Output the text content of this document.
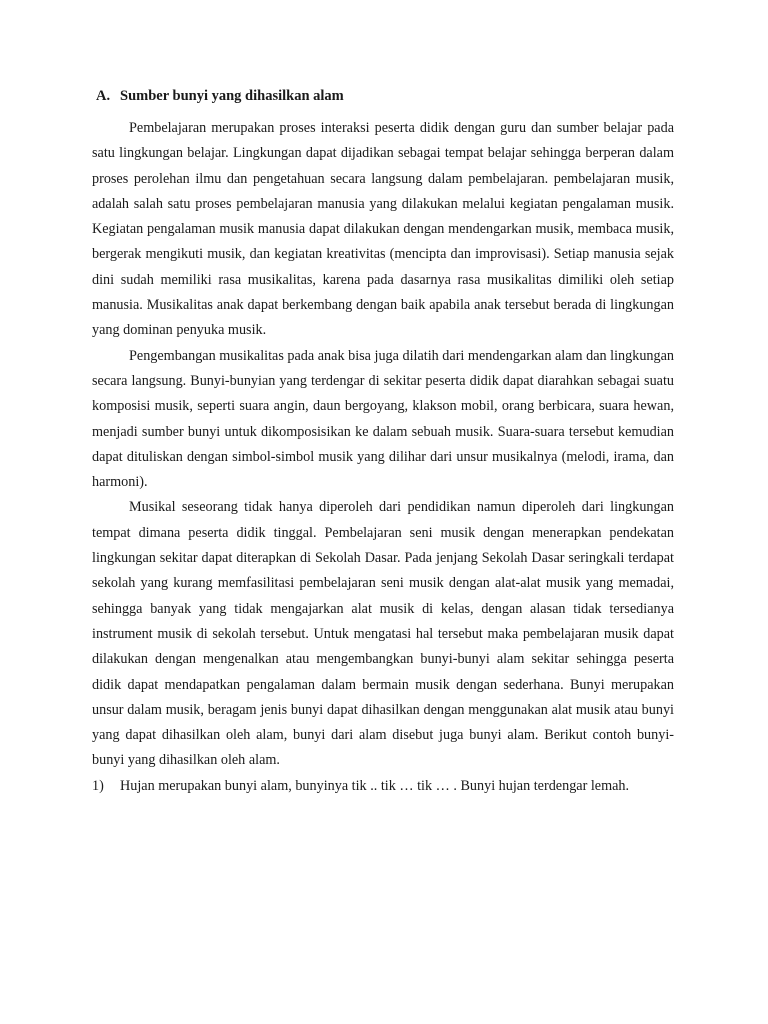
A. Sumber bunyi yang dihasilkan alam

Pembelajaran merupakan proses interaksi peserta didik dengan guru dan sumber belajar pada satu lingkungan belajar. Lingkungan dapat dijadikan sebagai tempat belajar sehingga berperan dalam proses perolehan ilmu dan pengetahuan secara langsung dalam pembelajaran. pembelajaran musik, adalah salah satu proses pembelajaran manusia yang dilakukan melalui kegiatan pengalaman musik. Kegiatan pengalaman musik manusia dapat dilakukan dengan mendengarkan musik, membaca musik, bergerak mengikuti musik, dan kegiatan kreativitas (mencipta dan improvisasi). Setiap manusia sejak dini sudah memiliki rasa musikalitas, karena pada dasarnya rasa musikalitas dimiliki oleh setiap manusia. Musikalitas anak dapat berkembang dengan baik apabila anak tersebut berada di lingkungan yang dominan penyuka musik.

Pengembangan musikalitas pada anak bisa juga dilatih dari mendengarkan alam dan lingkungan secara langsung. Bunyi-bunyian yang terdengar di sekitar peserta didik dapat diarahkan sebagai suatu komposisi musik, seperti suara angin, daun bergoyang, klakson mobil, orang berbicara, suara hewan, menjadi sumber bunyi untuk dikomposisikan ke dalam sebuah musik. Suara-suara tersebut kemudian dapat dituliskan dengan simbol-simbol musik yang dilihar dari unsur musikalnya (melodi, irama, dan harmoni).

Musikal seseorang tidak hanya diperoleh dari pendidikan namun diperoleh dari lingkungan tempat dimana peserta didik tinggal. Pembelajaran seni musik dengan menerapkan pendekatan lingkungan sekitar dapat diterapkan di Sekolah Dasar. Pada jenjang Sekolah Dasar seringkali terdapat sekolah yang kurang memfasilitasi pembelajaran seni musik dengan alat-alat musik yang memadai, sehingga banyak yang tidak mengajarkan alat musik di kelas, dengan alasan tidak tersedianya instrument musik di sekolah tersebut. Untuk mengatasi hal tersebut maka pembelajaran musik dapat dilakukan dengan mengenalkan atau mengembangkan bunyi-bunyi alam sekitar sehingga peserta didik dapat mendapatkan pengalaman dalam bermain musik dengan sederhana. Bunyi merupakan unsur dalam musik, beragam jenis bunyi dapat dihasilkan dengan menggunakan alat musik atau bunyi yang dapat dihasilkan oleh alam, bunyi dari alam disebut juga bunyi alam. Berikut contoh bunyi-bunyi yang dihasilkan oleh alam.

1)	Hujan merupakan bunyi alam, bunyinya tik .. tik … tik … . Bunyi hujan terdengar lemah.
